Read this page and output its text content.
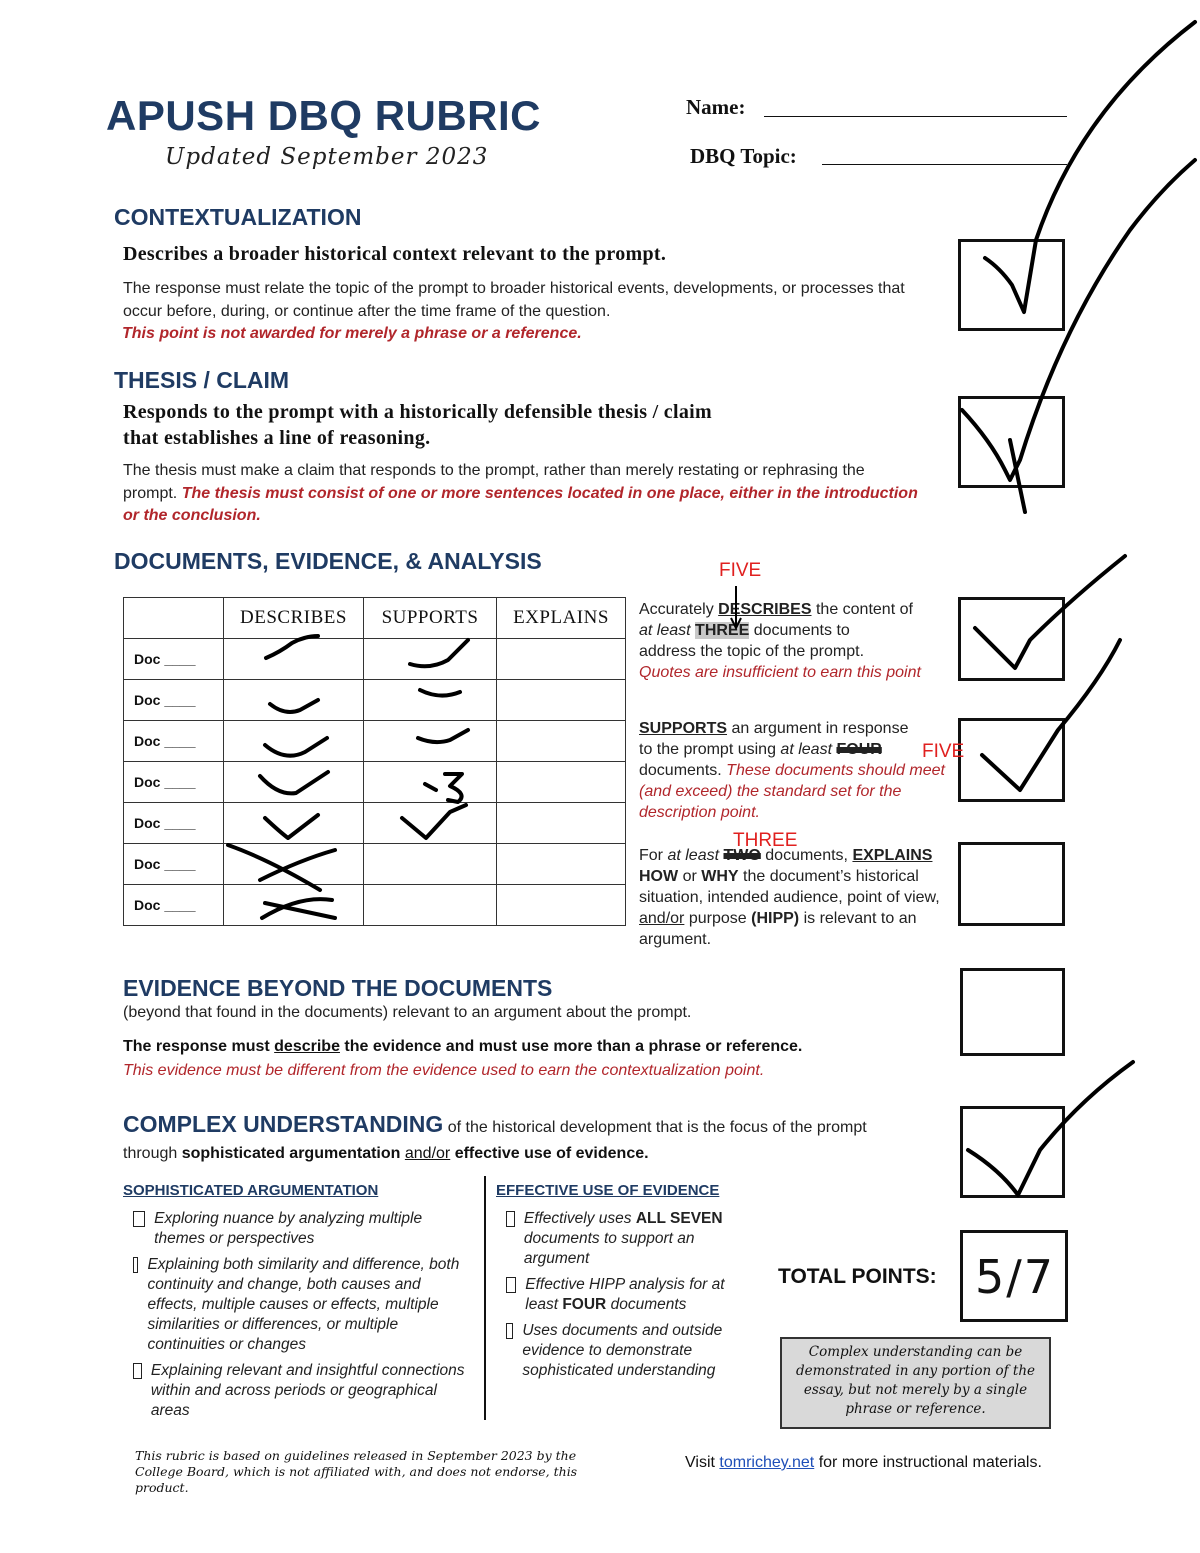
APUSH DBQ RUBRIC
Updated September 2023
Name:
DBQ Topic:
CONTEXTUALIZATION
Describes a broader historical context relevant to the prompt.
The response must relate the topic of the prompt to broader historical events, developments, or processes that occur before, during, or continue after the time frame of the question.
This point is not awarded for merely a phrase or a reference.
THESIS / CLAIM
Responds to the prompt with a historically defensible thesis / claim
that establishes a line of reasoning.
The thesis must make a claim that responds to the prompt, rather than merely restating or rephrasing the prompt. The thesis must consist of one or more sentences located in one place, either in the introduction or the conclusion.
DOCUMENTS, EVIDENCE, & ANALYSIS
	DESCRIBES	SUPPORTS	EXPLAINS
Doc ____			
Doc ____			
Doc ____			
Doc ____			
Doc ____			
Doc ____			
Doc ____			
Accurately DESCRIBES the content of
at least THREE documents to
address the topic of the prompt.
Quotes are insufficient to earn this point
SUPPORTS an argument in response
to the prompt using at least FOUR
documents. These documents should meet (and exceed) the standard set for the description point.
For at least TWO documents, EXPLAINS HOW or WHY the document’s historical situation, intended audience, point of view, and/or purpose (HIPP) is relevant to an argument.
FIVE
FIVE
THREE
EVIDENCE BEYOND THE DOCUMENTS
(beyond that found in the documents) relevant to an argument about the prompt.
The response must describe the evidence and must use more than a phrase or reference.
This evidence must be different from the evidence used to earn the contextualization point.
COMPLEX UNDERSTANDING of the historical development that is the focus of the prompt
through sophisticated argumentation and/or effective use of evidence.
SOPHISTICATED ARGUMENTATION
Exploring nuance by analyzing multiple themes or perspectives
Explaining both similarity and difference, both continuity and change, both causes and effects, multiple causes or effects, multiple similarities or differences, or multiple continuities or changes
Explaining relevant and insightful connections within and across periods or geographical areas
EFFECTIVE USE OF EVIDENCE
Effectively uses ALL SEVEN documents to support an argument
Effective HIPP analysis for at least FOUR documents
Uses documents and outside evidence to demonstrate sophisticated understanding
TOTAL POINTS: 5/7
Complex understanding can be demonstrated in any portion of the essay, but not merely by a single phrase or reference.
This rubric is based on guidelines released in September 2023 by the College Board, which is not affiliated with, and does not endorse, this product.
Visit tomrichey.net for more instructional materials.
